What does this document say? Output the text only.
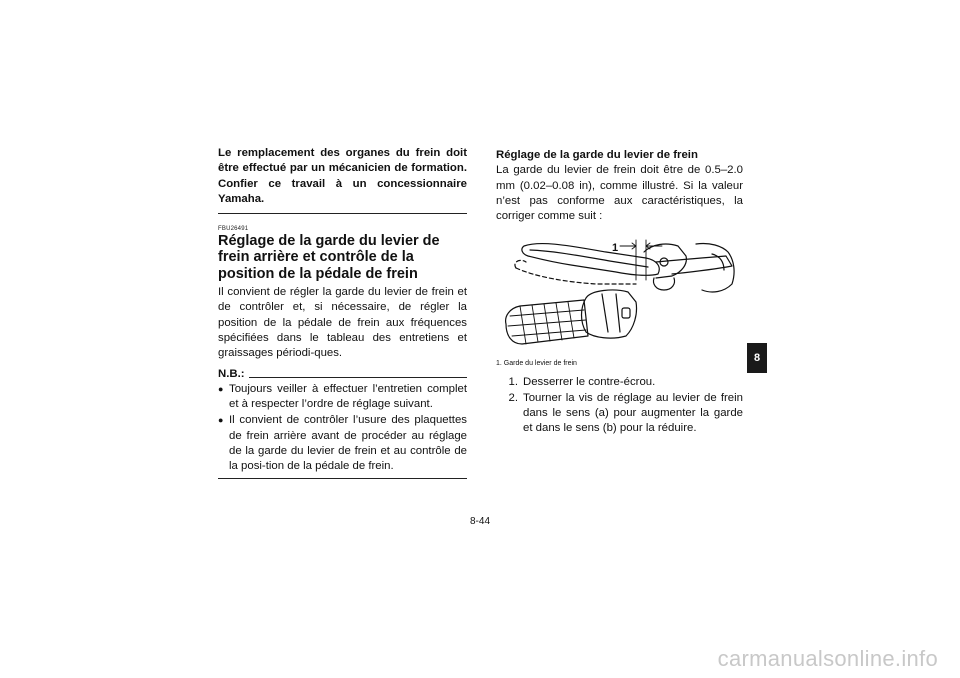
Le remplacement des organes du frein doit être effectué par un mécanicien de formation. Confier ce travail à un concessionnaire Yamaha.

FBU26491
Réglage de la garde du levier de frein arrière et contrôle de la position de la pédale de frein

Il convient de régler la garde du levier de frein et de contrôler et, si nécessaire, de régler la position de la pédale de frein aux fréquences spécifiées dans le tableau des entretiens et graissages périodi-ques.

N.B.:
● Toujours veiller à effectuer l’entretien complet et à respecter l’ordre de réglage suivant.
● Il convient de contrôler l’usure des plaquettes de frein arrière avant de procéder au réglage de la garde du levier de frein et au contrôle de la posi-tion de la pédale de frein.
Réglage de la garde du levier de frein

La garde du levier de frein doit être de 0.5–2.0 mm (0.02–0.08 in), comme illustré. Si la valeur n’est pas conforme aux caractéristiques, la corriger comme suit :

1
1. Garde du levier de frein
1. Desserrer le contre-écrou.
2. Tourner la vis de réglage au levier de frein dans le sens (a) pour augmenter la garde et dans le sens (b) pour la réduire.
8
8-44
carmanualsonline.info
